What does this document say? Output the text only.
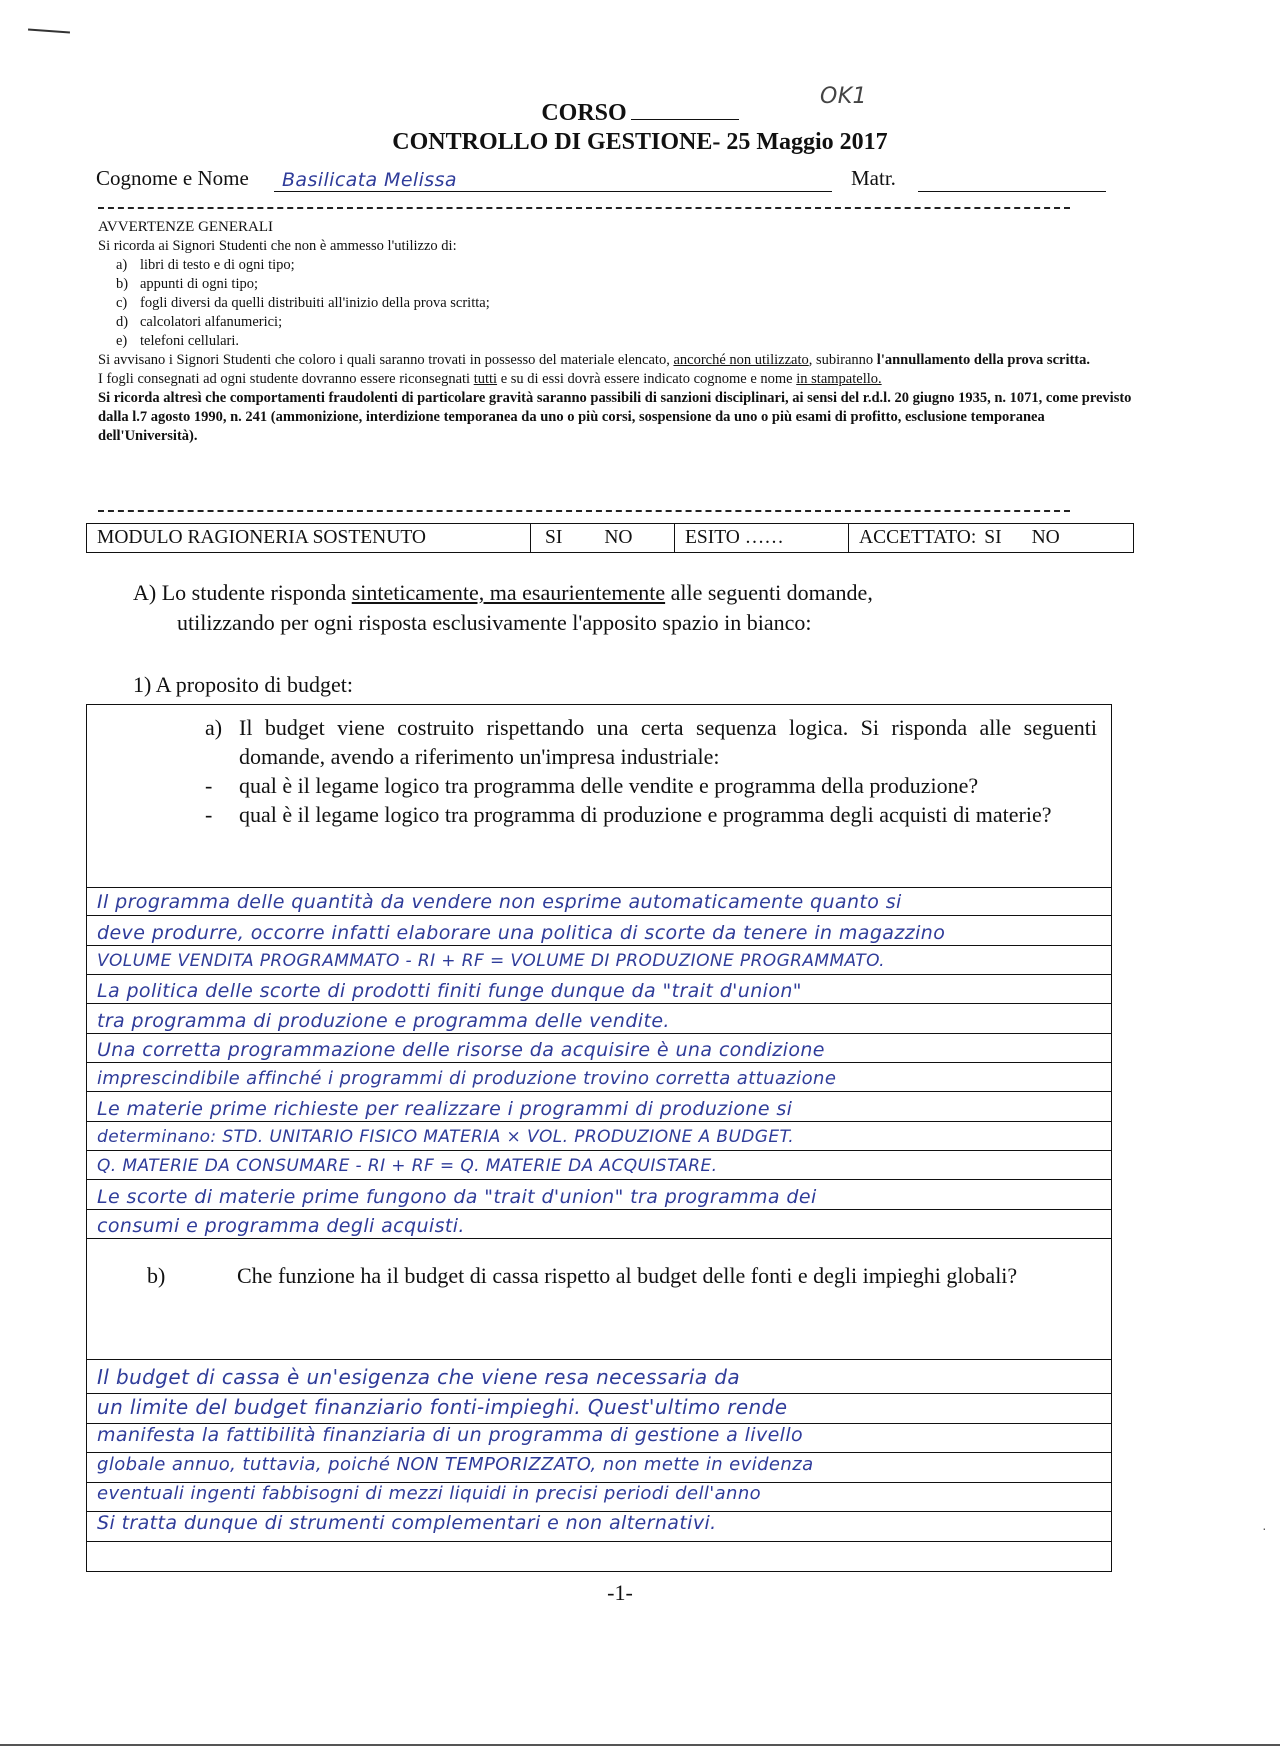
OK1
CORSO
CONTROLLO DI GESTIONE- 25 Maggio 2017
Cognome e Nome Basilicata Melissa	Matr.
AVVERTENZE GENERALI
Si ricorda ai Signori Studenti che non è ammesso l'utilizzo di:
a) libri di testo e di ogni tipo;
b) appunti di ogni tipo;
c) fogli diversi da quelli distribuiti all'inizio della prova scritta;
d) calcolatori alfanumerici;
e) telefoni cellulari.
Si avvisano i Signori Studenti che coloro i quali saranno trovati in possesso del materiale elencato, ancorché non utilizzato, subiranno l'annullamento della prova scritta.
I fogli consegnati ad ogni studente dovranno essere riconsegnati tutti e su di essi dovrà essere indicato cognome e nome in stampatello.
Si ricorda altresì che comportamenti fraudolenti di particolare gravità saranno passibili di sanzioni disciplinari, ai sensi del r.d.l. 20 giugno 1935, n. 1071, come previsto dalla l.7 agosto 1990, n. 241 (ammonizione, interdizione temporanea da uno o più corsi, sospensione da uno o più esami di profitto, esclusione temporanea dell'Università).
MODULO RAGIONERIA SOSTENUTO	SI NO	ESITO ……	ACCETTATO: SI NO
A) Lo studente risponda sinteticamente, ma esaurientemente alle seguenti domande,
utilizzando per ogni risposta esclusivamente l'apposito spazio in bianco:
1) A proposito di budget:
a) Il budget viene costruito rispettando una certa sequenza logica. Si risponda alle seguenti domande, avendo a riferimento un'impresa industriale:
-	qual è il legame logico tra programma delle vendite e programma della produzione?
-	qual è il legame logico tra programma di produzione e programma degli acquisti di materie?
Il programma delle quantità da vendere non esprime automaticamente quanto si
deve produrre, occorre infatti elaborare una politica di scorte da tenere in magazzino
VOLUME VENDITA PROGRAMMATO - RI + RF = VOLUME DI PRODUZIONE PROGRAMMATO.
La politica delle scorte di prodotti finiti funge dunque da "trait d'union"
tra programma di produzione e programma delle vendite.
Una corretta programmazione delle risorse da acquisire è una condizione
imprescindibile affinché i programmi di produzione trovino corretta attuazione
Le materie prime richieste per realizzare i programmi di produzione si
determinano: STD. UNITARIO FISICO MATERIA × VOL. PRODUZIONE A BUDGET.
Q. MATERIE DA CONSUMARE - RI + RF = Q. MATERIE DA ACQUISTARE.
Le scorte di materie prime fungono da "trait d'union" tra programma dei
consumi e programma degli acquisti.
b)	Che funzione ha il budget di cassa rispetto al budget delle fonti e degli impieghi globali?
Il budget di cassa è un'esigenza che viene resa necessaria da
un limite del budget finanziario fonti-impieghi. Quest'ultimo rende
manifesta la fattibilità finanziaria di un programma di gestione a livello
globale annuo, tuttavia, poiché NON TEMPORIZZATO, non mette in evidenza
eventuali ingenti fabbisogni di mezzi liquidi in precisi periodi dell'anno
Si tratta dunque di strumenti complementari e non alternativi.
-1-
·
